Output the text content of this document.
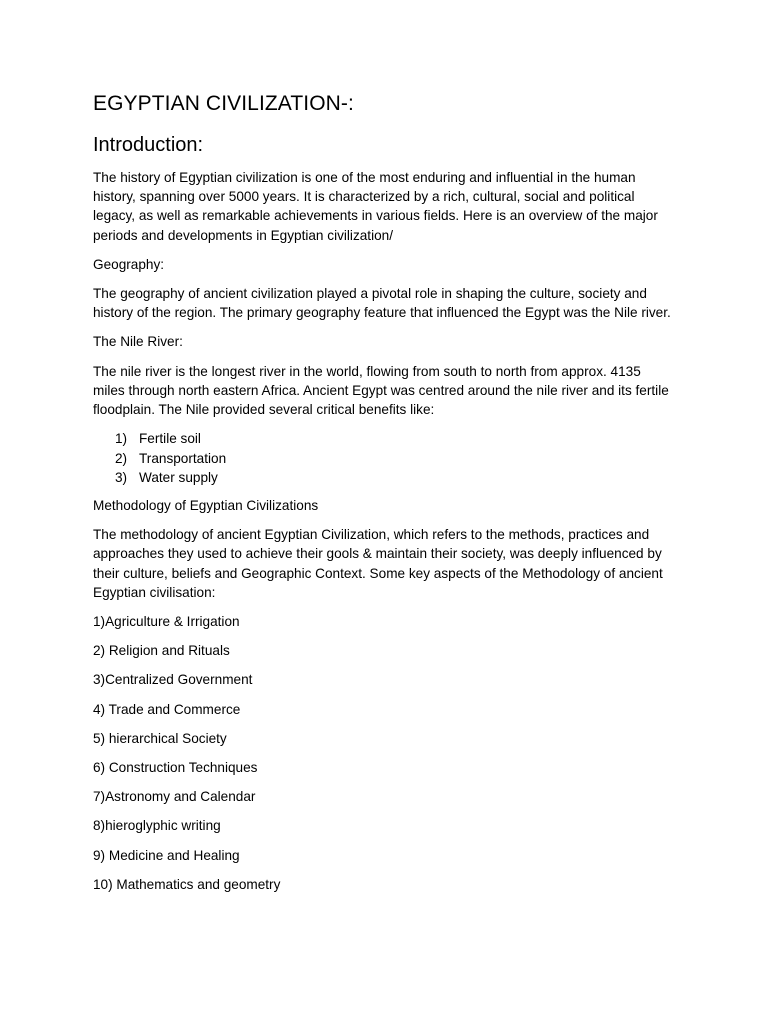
EGYPTIAN CIVILIZATION-:
Introduction:

The history of Egyptian civilization is one of the most enduring and influential in the human history, spanning over 5000 years. It is characterized by a rich, cultural, social and political legacy, as well as remarkable achievements in various fields. Here is an overview of the major periods and developments in Egyptian civilization/

Geography:

The geography of ancient civilization played a pivotal role in shaping the culture, society and history of the region. The primary geography feature that influenced the Egypt was the Nile river.

The Nile River:

The nile river is the longest river in the world, flowing from south to north from approx. 4135 miles through north eastern Africa. Ancient Egypt was centred around the nile river and its fertile floodplain. The Nile provided several critical benefits like:

1) Fertile soil
2) Transportation
3) Water supply

Methodology of Egyptian Civilizations

The methodology of ancient Egyptian Civilization, which refers to the methods, practices and approaches they used to achieve their gools & maintain their society, was deeply influenced by their culture, beliefs and Geographic Context. Some key aspects of the Methodology of ancient Egyptian civilisation:

1)Agriculture & Irrigation

2) Religion and Rituals

3)Centralized Government

4) Trade and Commerce

5) hierarchical Society

6) Construction Techniques

7)Astronomy and Calendar

8)hieroglyphic writing

9) Medicine and Healing

10) Mathematics and geometry
